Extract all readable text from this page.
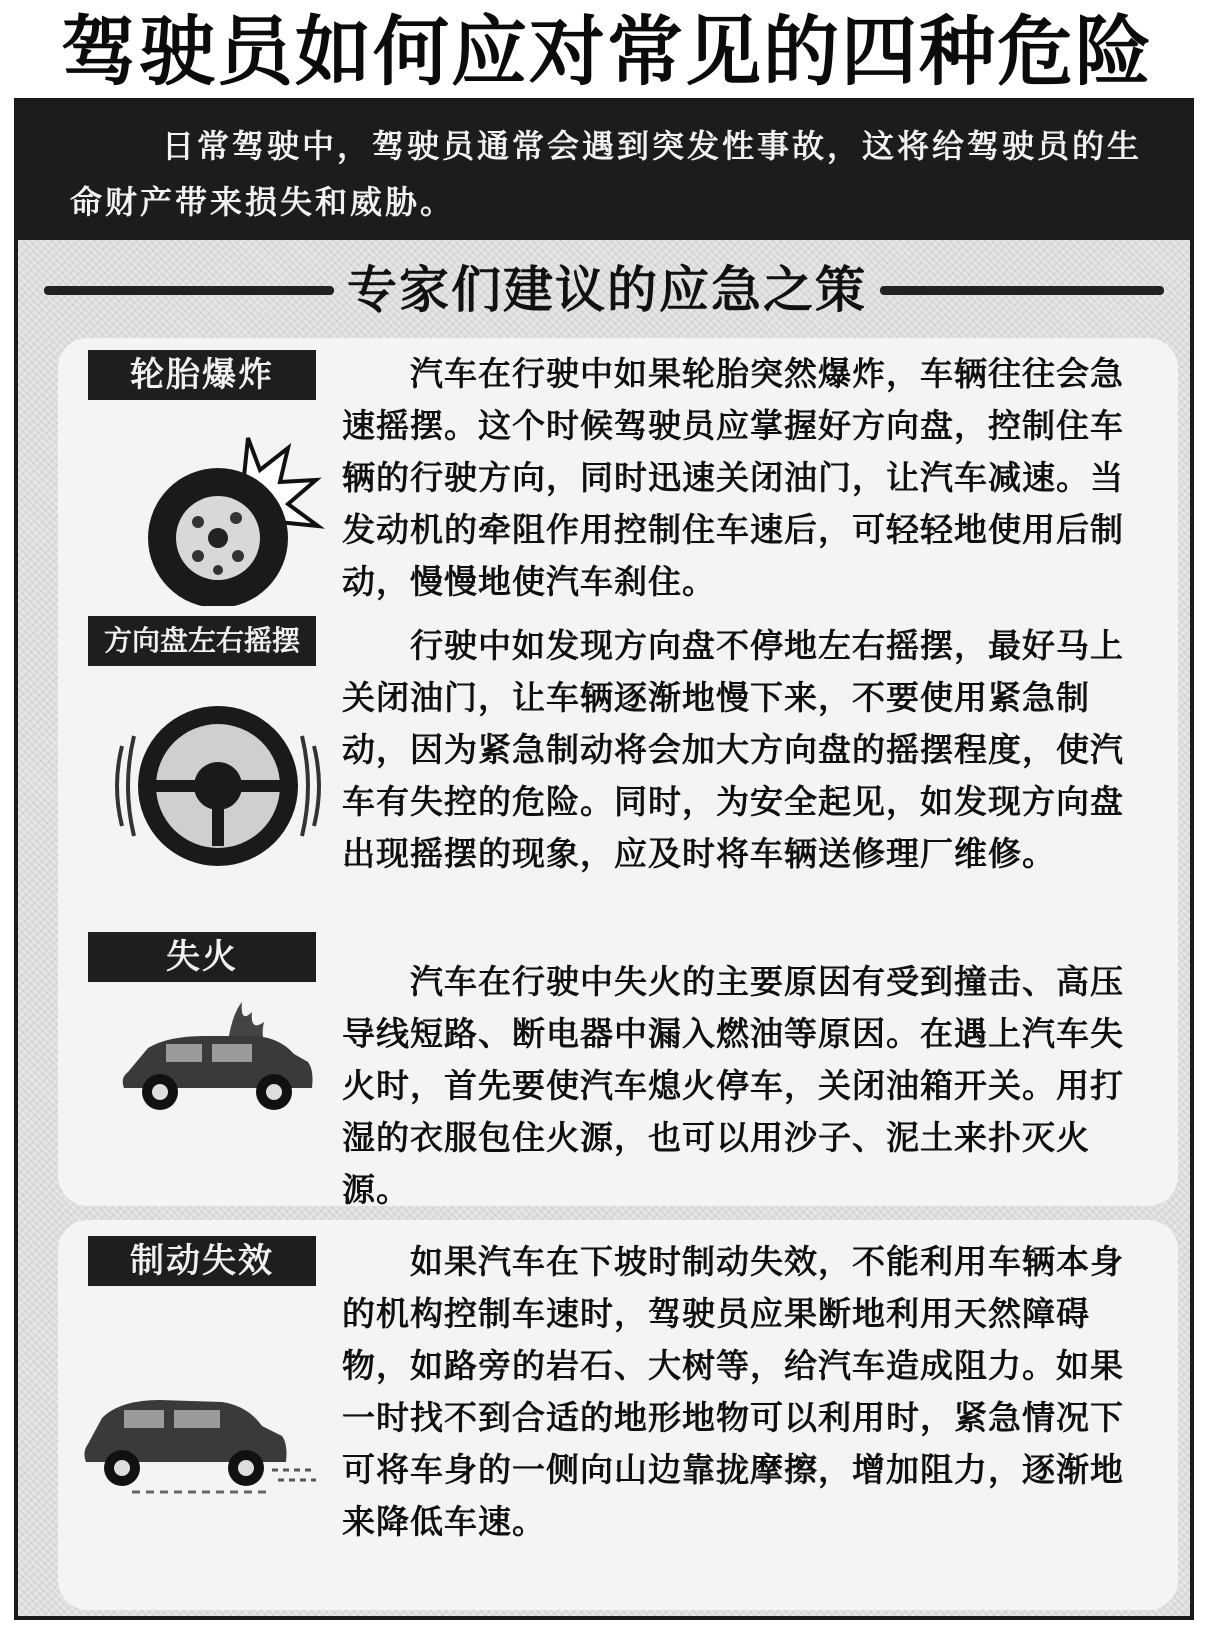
驾驶员如何应对常见的四种危险
日常驾驶中，驾驶员通常会遇到突发性事故，这将给驾驶员的生命财产带来损失和威胁。
专家们建议的应急之策
轮胎爆炸	汽车在行驶中如果轮胎突然爆炸，车辆往往会急速摇摆。这个时候驾驶员应掌握好方向盘，控制住车辆的行驶方向，同时迅速关闭油门，让汽车减速。当发动机的牵阻作用控制住车速后，可轻轻地使用后制动，慢慢地使汽车刹住。
方向盘左右摇摆	行驶中如发现方向盘不停地左右摇摆，最好马上关闭油门，让车辆逐渐地慢下来，不要使用紧急制动，因为紧急制动将会加大方向盘的摇摆程度，使汽车有失控的危险。同时，为安全起见，如发现方向盘出现摇摆的现象，应及时将车辆送修理厂维修。
失火
汽车在行驶中失火的主要原因有受到撞击、高压导线短路、断电器中漏入燃油等原因。在遇上汽车失火时，首先要使汽车熄火停车，关闭油箱开关。用打湿的衣服包住火源，也可以用沙子、泥土来扑灭火源。
制动失效	如果汽车在下坡时制动失效，不能利用车辆本身的机构控制车速时，驾驶员应果断地利用天然障碍物，如路旁的岩石、大树等，给汽车造成阻力。如果一时找不到合适的地形地物可以利用时，紧急情况下可将车身的一侧向山边靠拢摩擦，增加阻力，逐渐地来降低车速。
